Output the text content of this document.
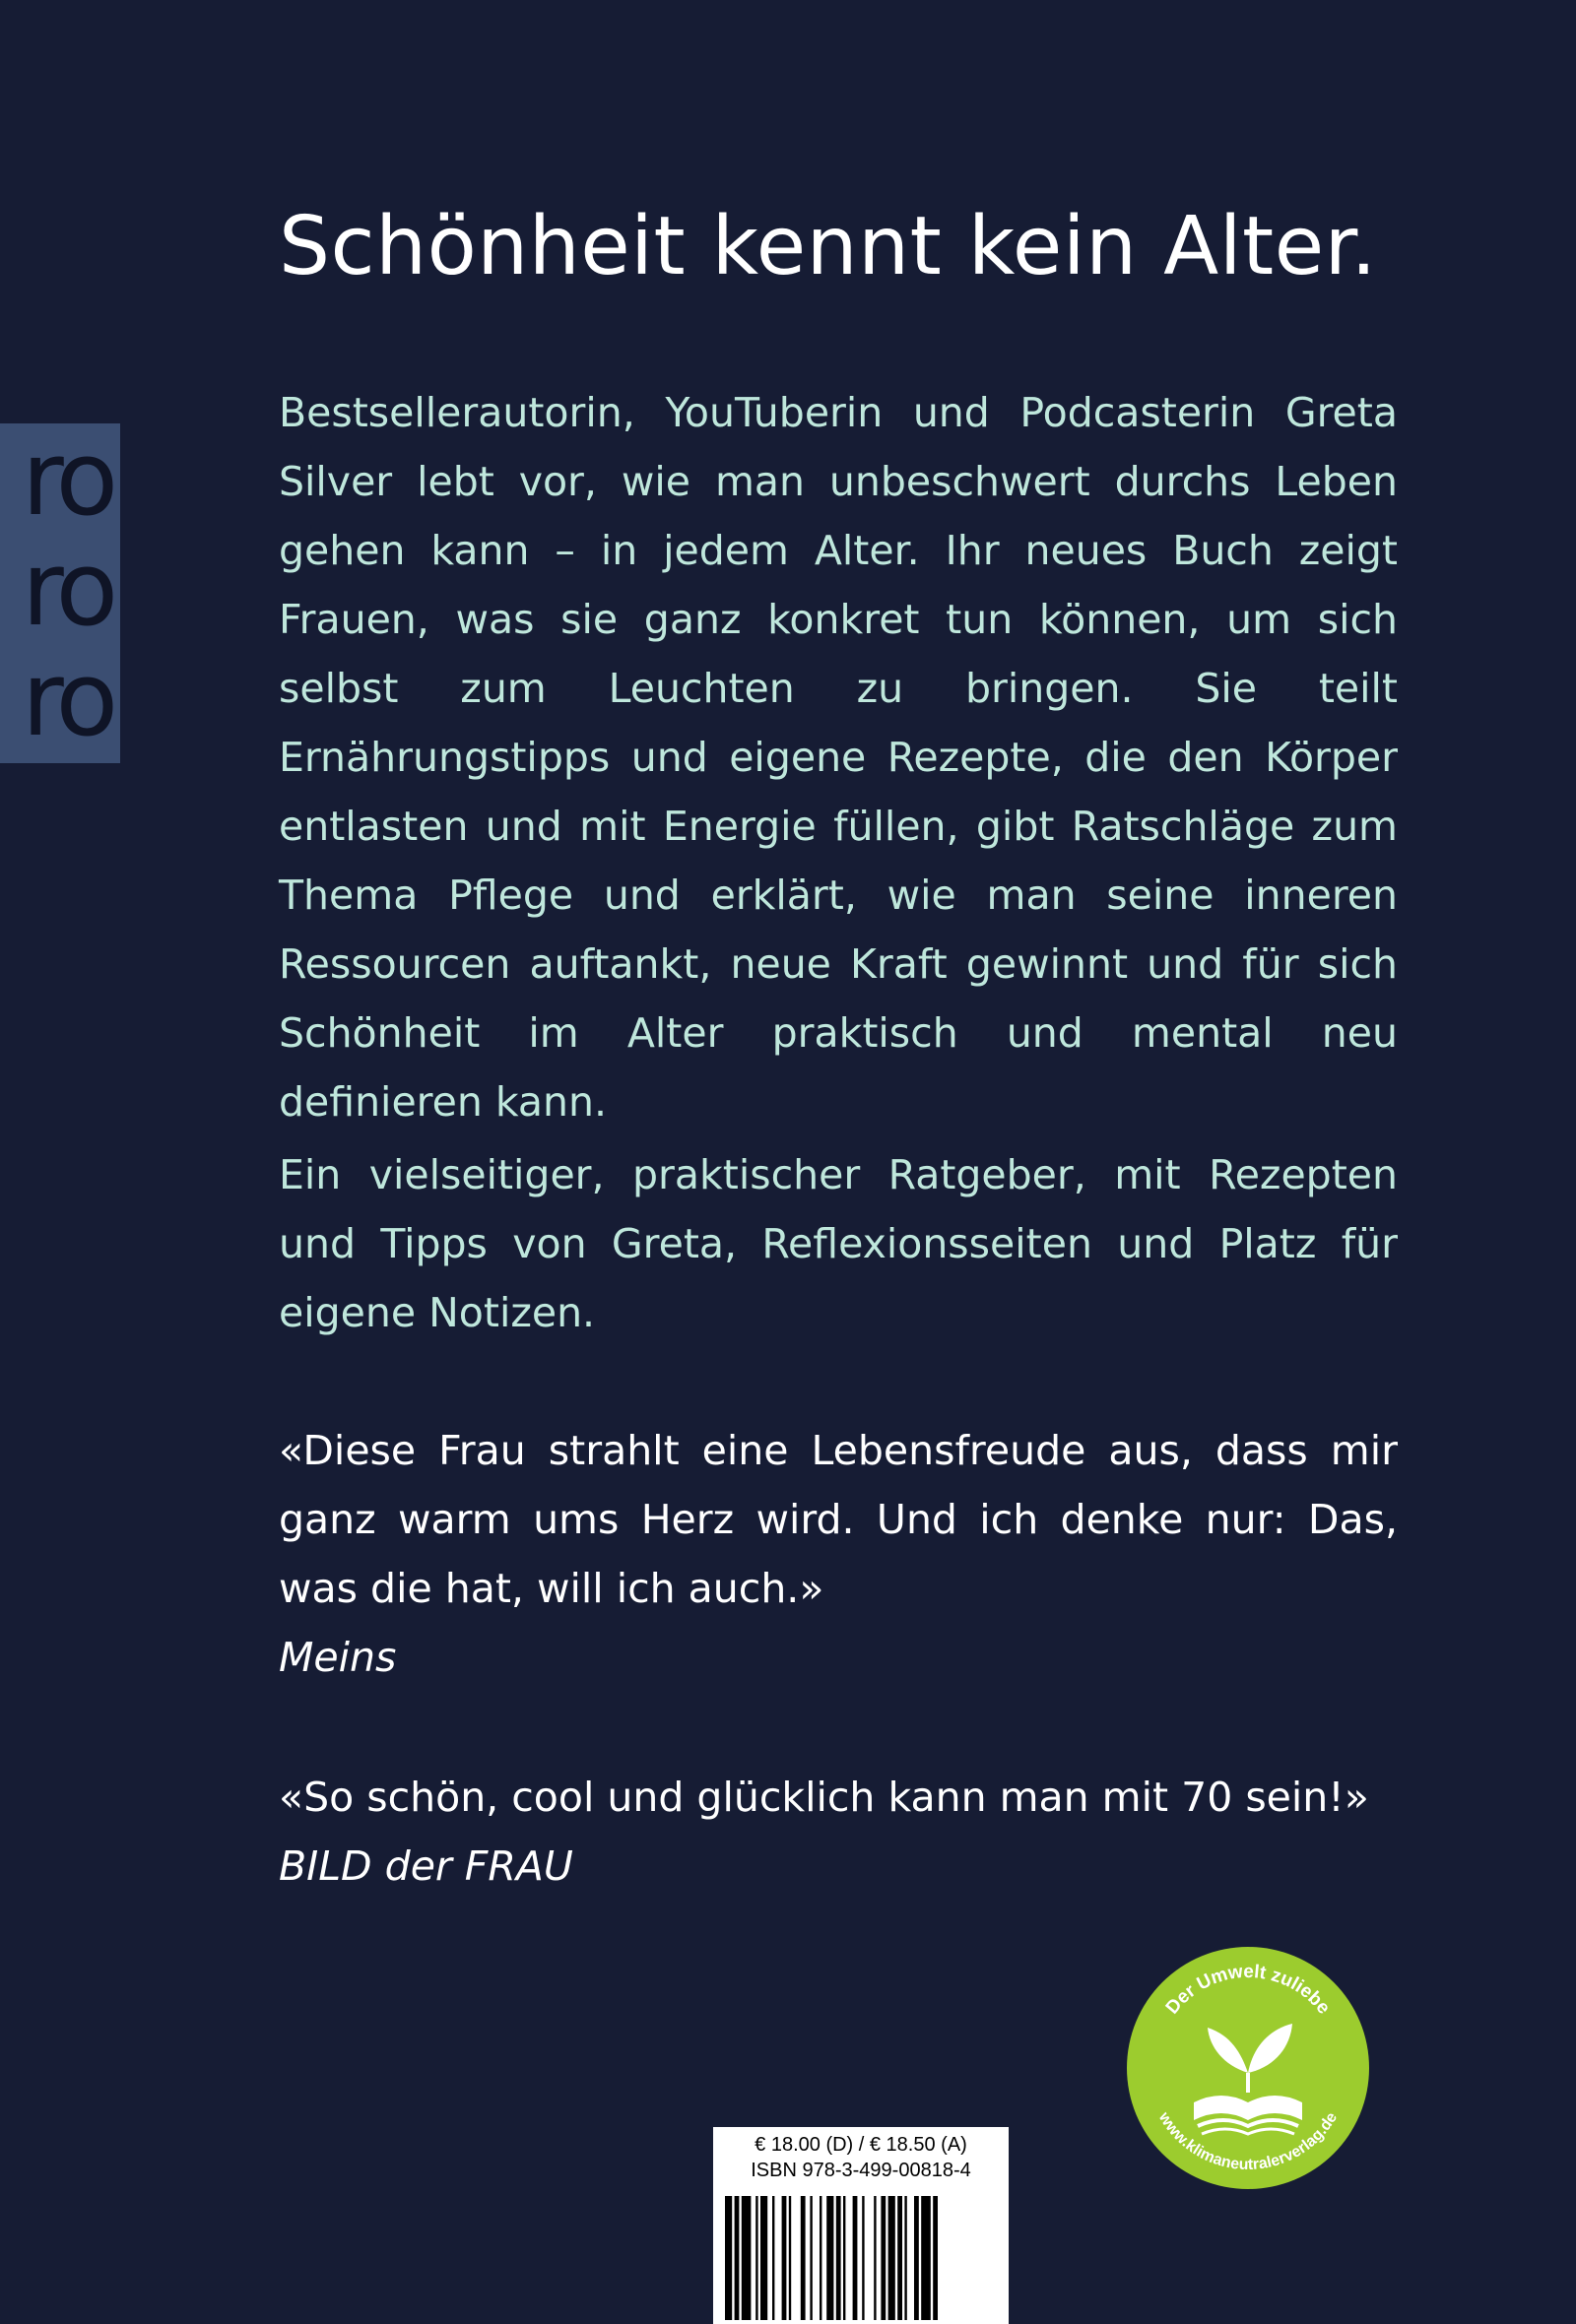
ro
ro
ro
Schönheit kennt kein Alter.

Bestsellerautorin, YouTuberin und Podcasterin Greta Silver lebt vor, wie man unbeschwert durchs Leben gehen kann – in jedem Alter. Ihr neues Buch zeigt Frauen, was sie ganz konkret tun können, um sich selbst zum Leuchten zu bringen. Sie teilt Ernährungstipps und eigene Rezepte, die den Körper entlasten und mit Energie füllen, gibt Ratschläge zum Thema Pflege und erklärt, wie man seine inneren Ressourcen auftankt, neue Kraft gewinnt und für sich Schönheit im Alter praktisch und mental neu definieren kann.

Ein vielseitiger, praktischer Ratgeber, mit Rezepten und Tipps von Greta, Reflexionsseiten und Platz für eigene Notizen.

«Diese Frau strahlt eine Lebensfreude aus, dass mir ganz warm ums Herz wird. Und ich denke nur: Das, was die hat, will ich auch.»
Meins
«So schön, cool und glücklich kann man mit 70 sein!»
BILD der FRAU
Der Umwelt zuliebe
www.klimaneutralerverlag.de
€ 18.00 (D) / € 18.50 (A)
ISBN 978-3-499-00818-4
